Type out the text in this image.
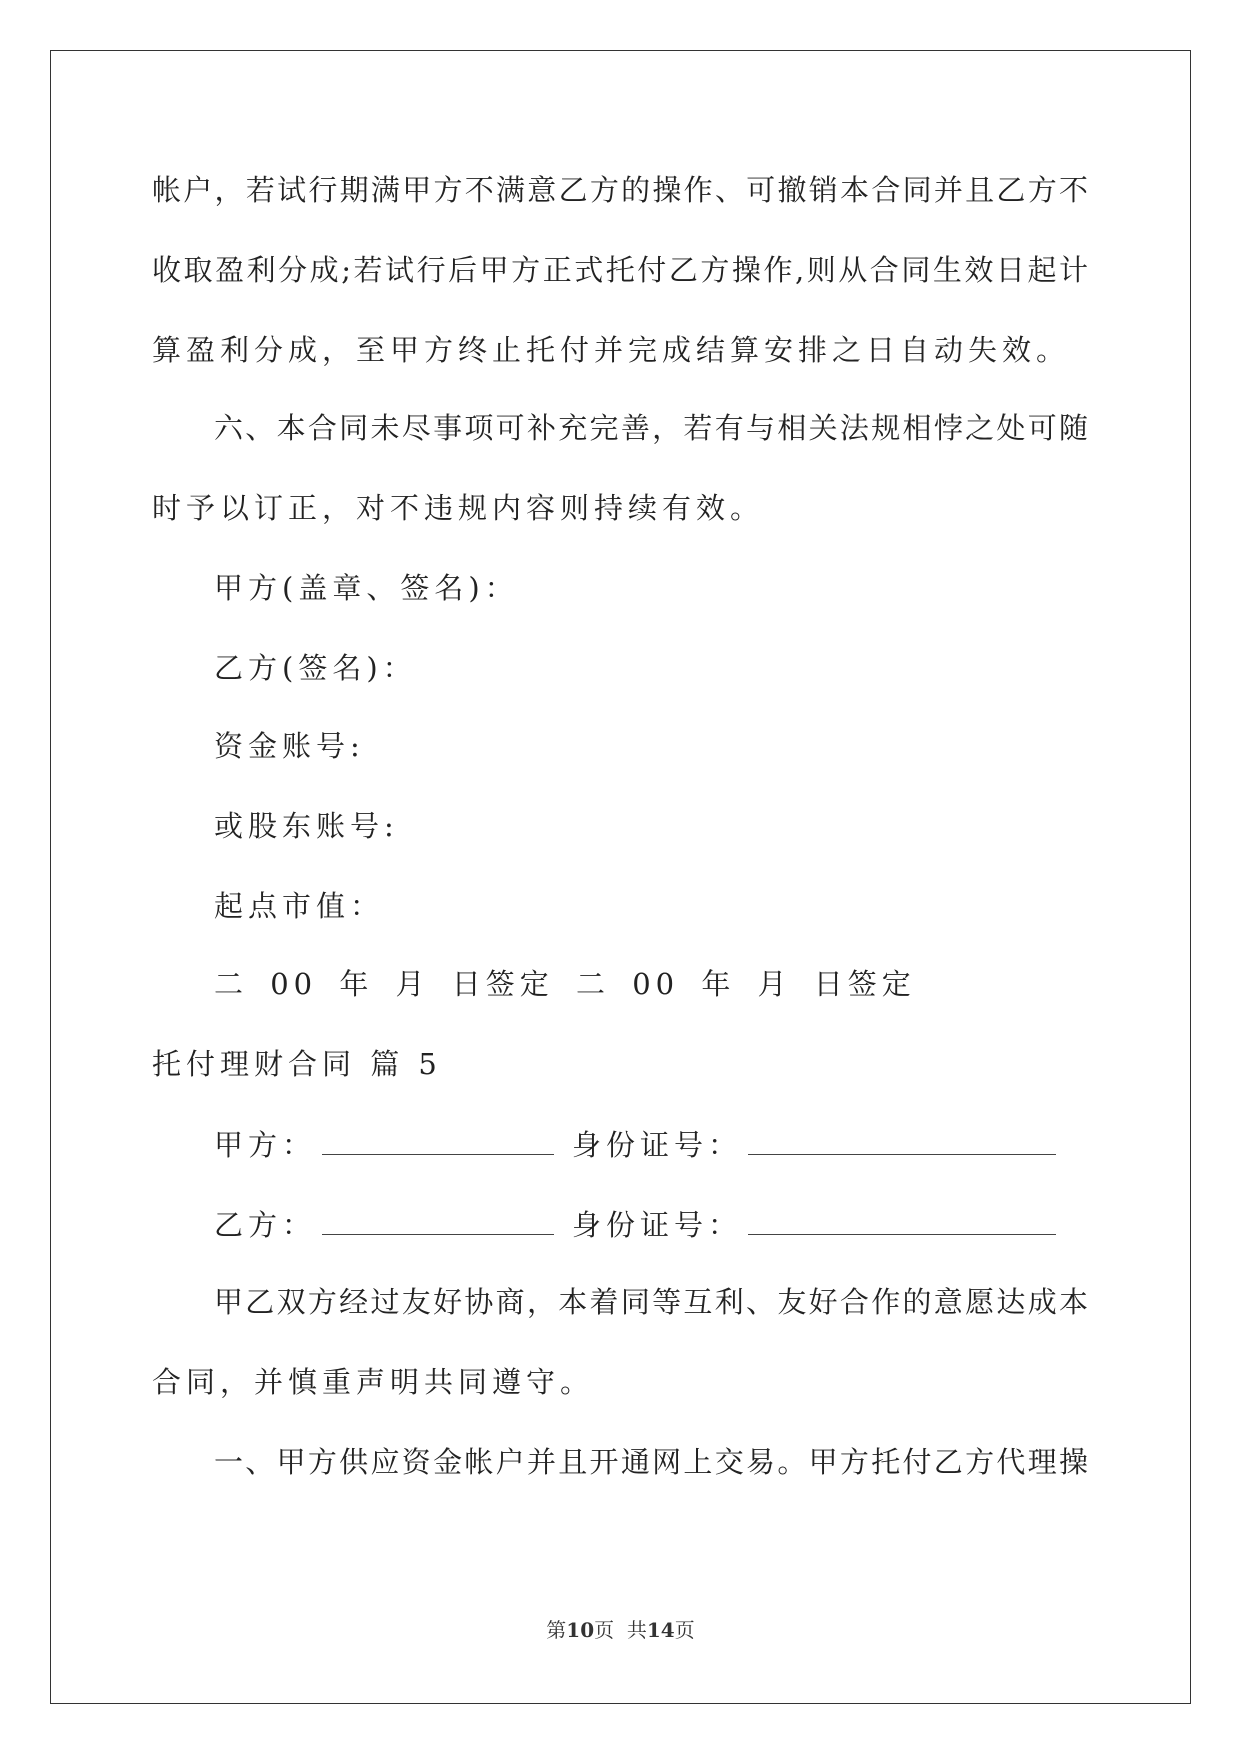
帐户，若试行期满甲方不满意乙方的操作、可撤销本合同并且乙方不
收取盈利分成;若试行后甲方正式托付乙方操作,则从合同生效日起计
算盈利分成，至甲方终止托付并完成结算安排之日自动失效。
六、本合同未尽事项可补充完善，若有与相关法规相悖之处可随
时予以订正，对不违规内容则持续有效。
甲方(盖章、签名)：
乙方(签名)：
资金账号:
或股东账号:
起点市值：
二 00 年 月 日签定 二 00 年 月 日签定
托付理财合同 篇 5
甲方：	身份证号：
乙方：	身份证号：
甲乙双方经过友好协商，本着同等互利、友好合作的意愿达成本
合同，并慎重声明共同遵守。
一、甲方供应资金帐户并且开通网上交易。甲方托付乙方代理操
第10页  共14页
